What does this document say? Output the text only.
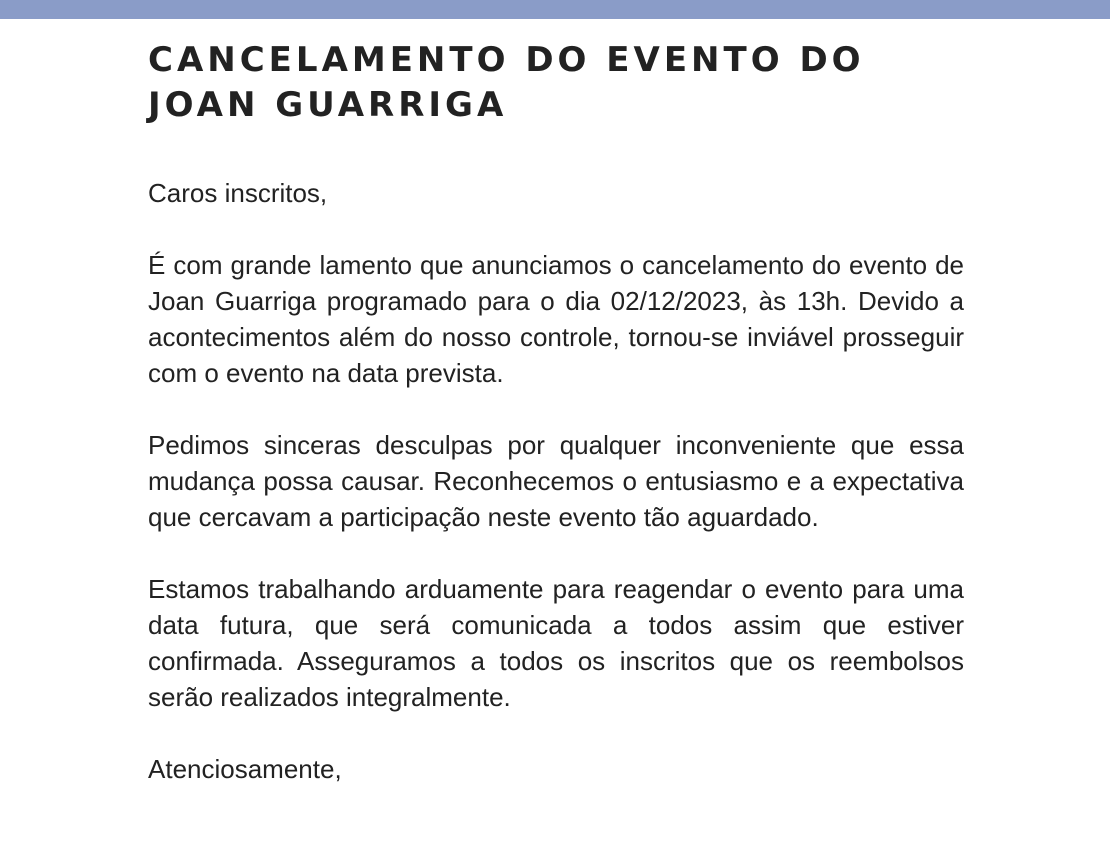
CANCELAMENTO DO EVENTO DO JOAN GUARRIGA

Caros inscritos,

É com grande lamento que anunciamos o cancelamento do evento de Joan Guarriga programado para o dia 02/12/2023, às 13h. Devido a acontecimentos além do nosso controle, tornou-se inviável prosseguir com o evento na data prevista.

Pedimos sinceras desculpas por qualquer inconveniente que essa mudança possa causar. Reconhecemos o entusiasmo e a expectativa que cercavam a participação neste evento tão aguardado.

Estamos trabalhando arduamente para reagendar o evento para uma data futura, que será comunicada a todos assim que estiver confirmada. Asseguramos a todos os inscritos que os reembolsos serão realizados integralmente.

Atenciosamente,
